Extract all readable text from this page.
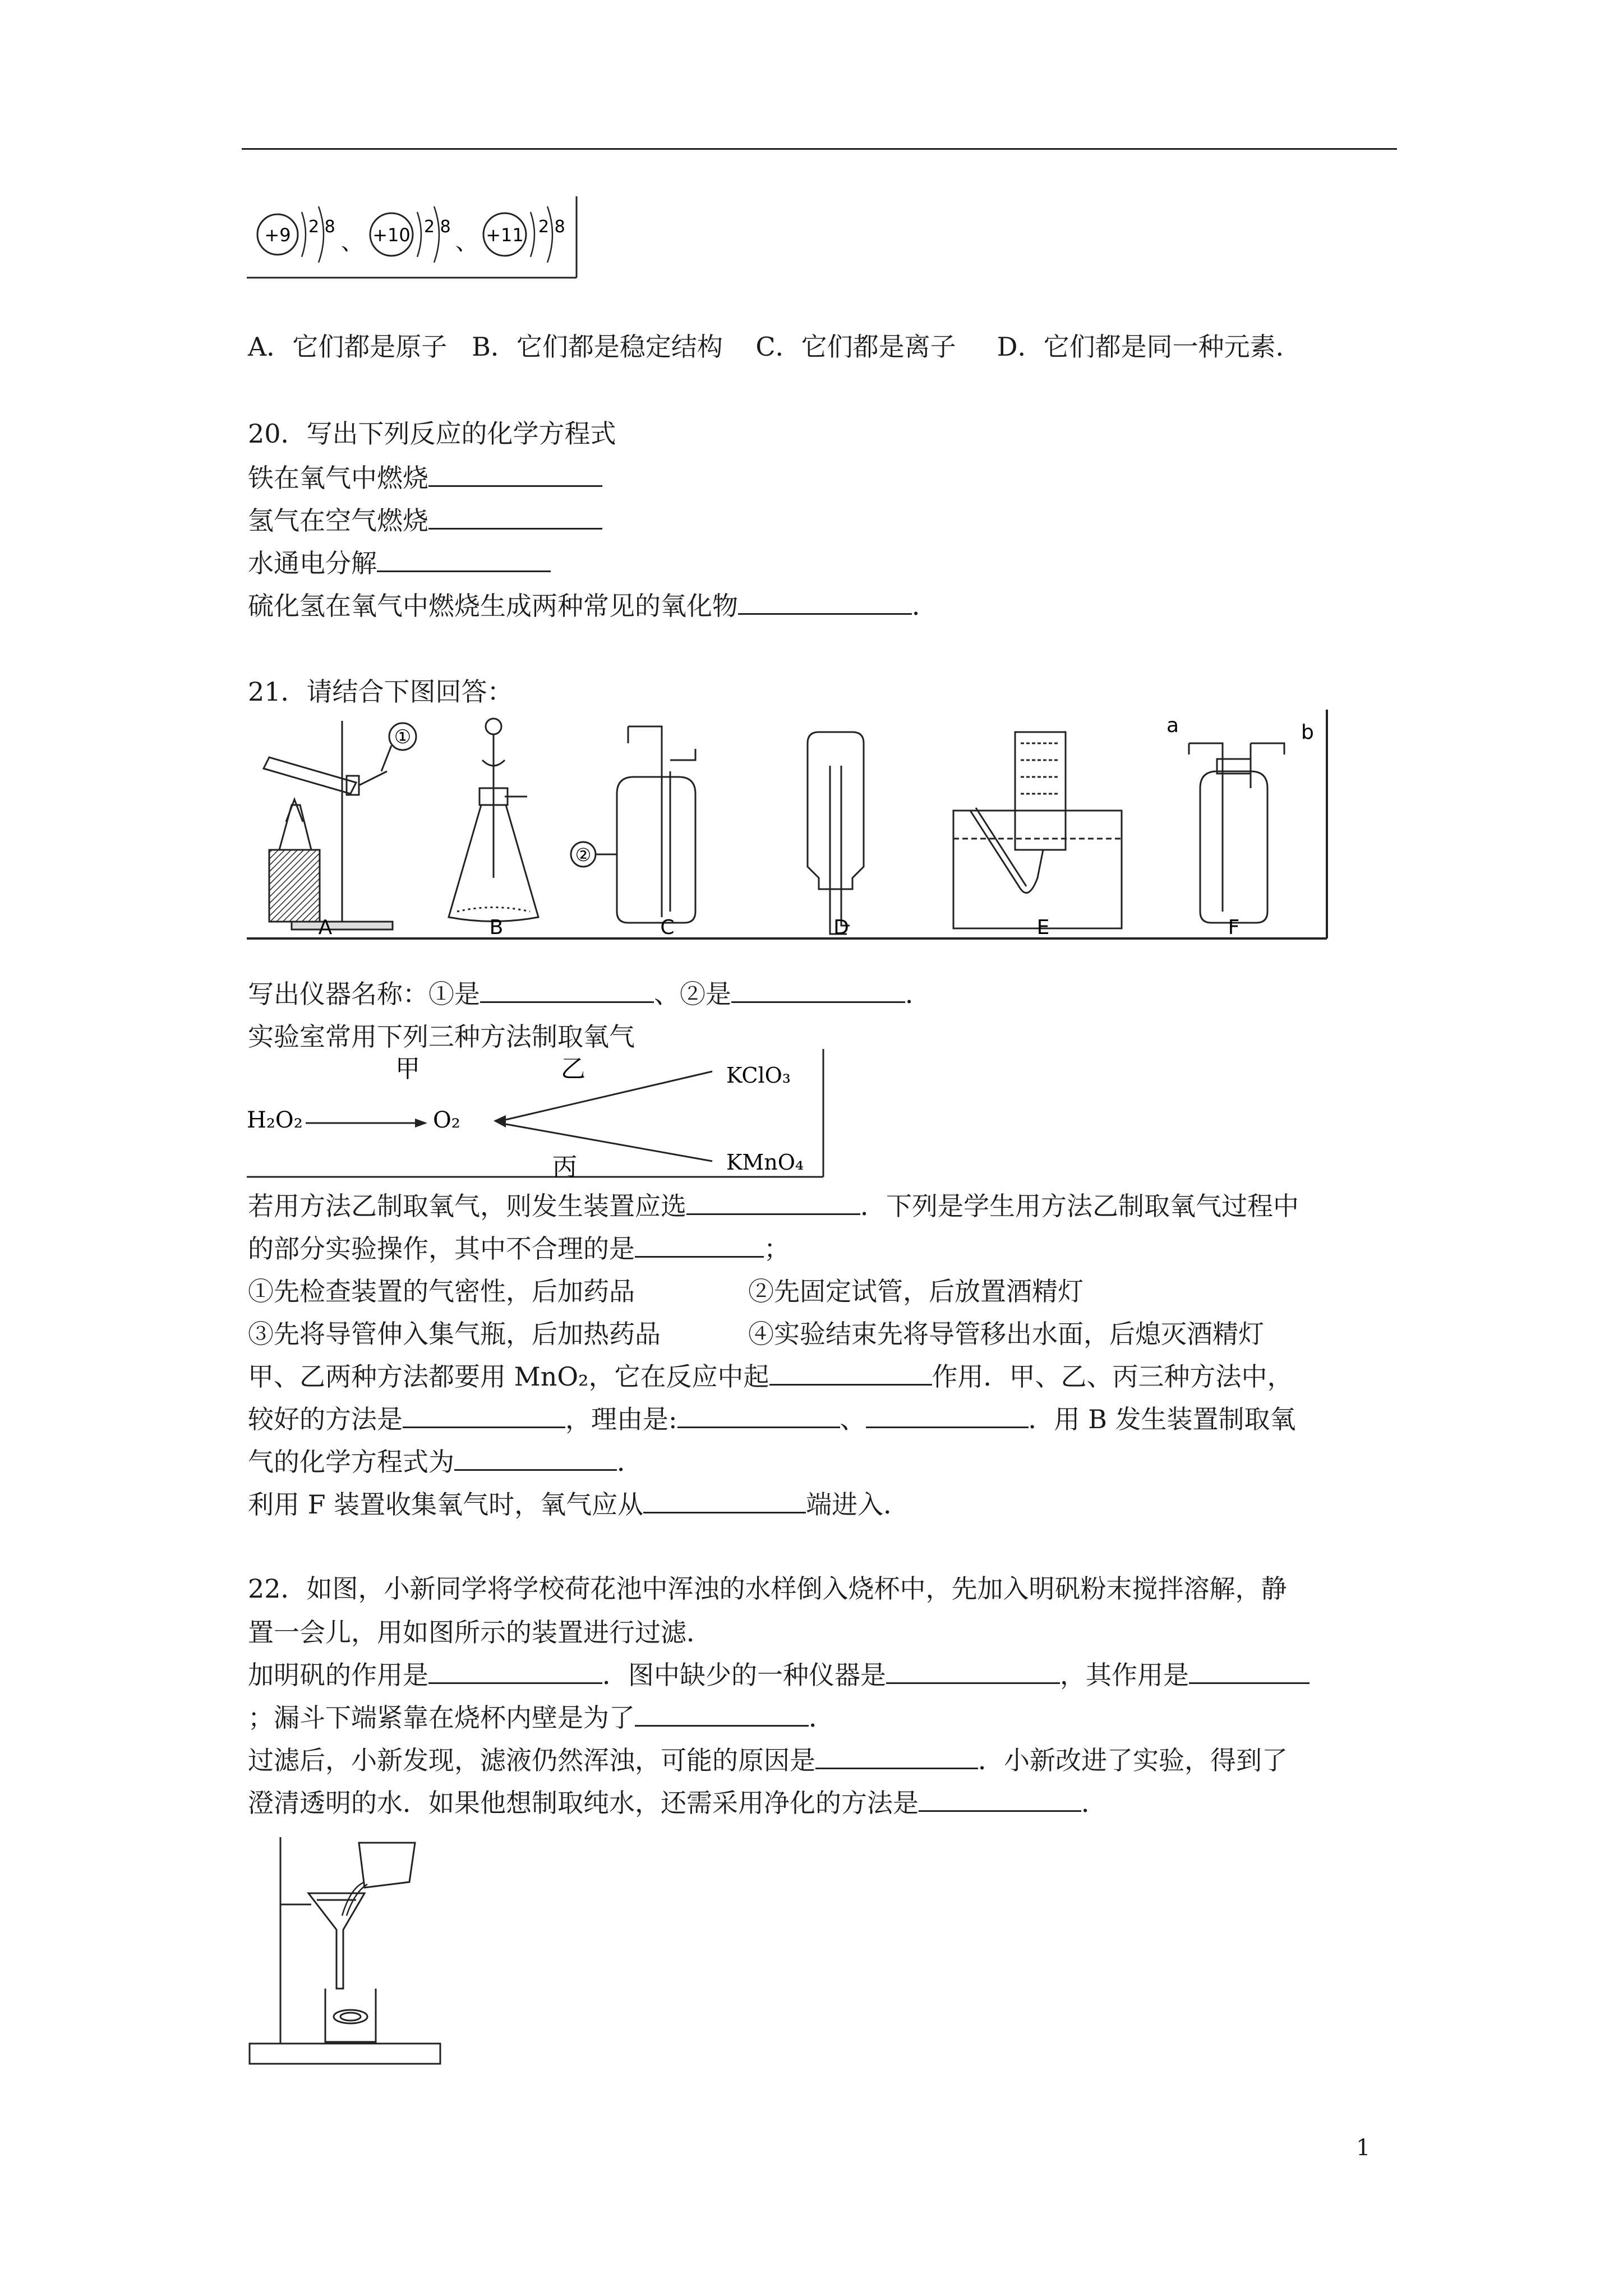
+9 2 8
、 +10 2 8
、 +11 2 8
A．它们都是原子   B．它们都是稳定结构    C．它们都是离子     D．它们都是同一种元素．
20．写出下列反应的化学方程式
铁在氧气中燃烧
氢气在空气燃烧
水通电分解
硫化氢在氧气中燃烧生成两种常见的氧化物	．
21．请结合下图回答：
①
②
a	b
A	B	C	D	E	F
写出仪器名称：①是	、②是	．
实验室常用下列三种方法制取氧气
甲	乙
丙
H₂O₂	O₂
KClO₃
KMnO₄
若用方法乙制取氧气，则发生装置应选	．下列是学生用方法乙制取氧气过程中
的部分实验操作，其中不合理的是	；
①先检查装置的气密性，后加药品	②先固定试管，后放置酒精灯
③先将导管伸入集气瓶，后加热药品	④实验结束先将导管移出水面，后熄灭酒精灯
甲、乙两种方法都要用 MnO₂，它在反应中起	作用．甲、乙、丙三种方法中，
较好的方法是	，理由是:	、	．用 B 发生装置制取氧
气的化学方程式为	．
利用 F 装置收集氧气时，氧气应从	端进入．
22．如图，小新同学将学校荷花池中浑浊的水样倒入烧杯中，先加入明矾粉末搅拌溶解，静
置一会儿，用如图所示的装置进行过滤．
加明矾的作用是	．图中缺少的一种仪器是	，其作用是
；漏斗下端紧靠在烧杯内壁是为了	．
过滤后，小新发现，滤液仍然浑浊，可能的原因是	．小新改进了实验，得到了
澄清透明的水．如果他想制取纯水，还需采用净化的方法是	．
1
